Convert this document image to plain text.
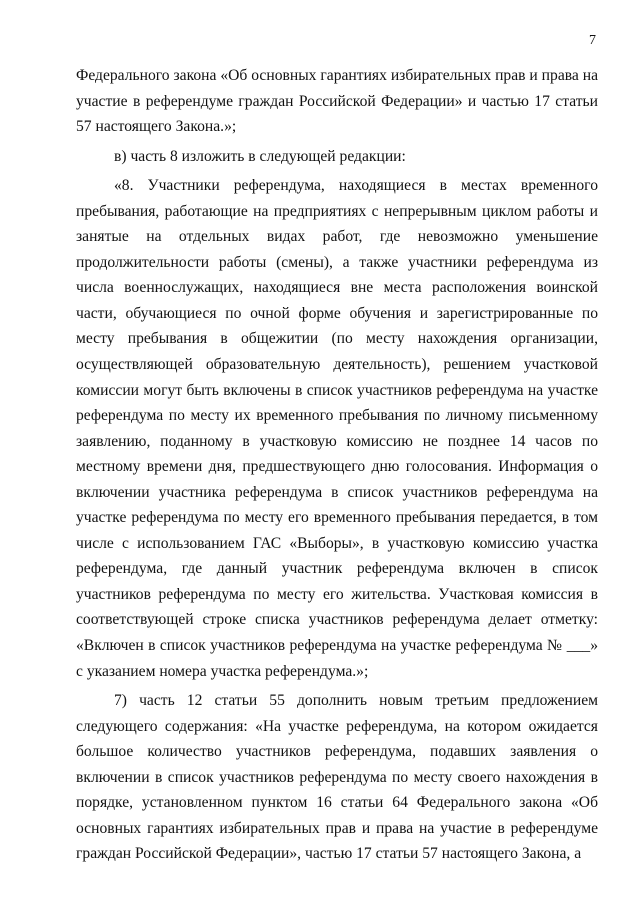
7

Федерального закона «Об основных гарантиях избирательных прав и права на участие в референдуме граждан Российской Федерации» и частью 17 статьи 57 настоящего Закона.»;

в) часть 8 изложить в следующей редакции:

«8. Участники референдума, находящиеся в местах временного пребывания, работающие на предприятиях с непрерывным циклом работы и занятые на отдельных видах работ, где невозможно уменьшение продолжительности работы (смены), а также участники референдума из числа военнослужащих, находящиеся вне места расположения воинской части, обучающиеся по очной форме обучения и зарегистрированные по месту пребывания в общежитии (по месту нахождения организации, осуществляющей образовательную деятельность), решением участковой комиссии могут быть включены в список участников референдума на участке референдума по месту их временного пребывания по личному письменному заявлению, поданному в участковую комиссию не позднее 14 часов по местному времени дня, предшествующего дню голосования. Информация о включении участника референдума в список участников референдума на участке референдума по месту его временного пребывания передается, в том числе с использованием ГАС «Выборы», в участковую комиссию участка референдума, где данный участник референдума включен в список участников референдума по месту его жительства. Участковая комиссия в соответствующей строке списка участников референдума делает отметку: «Включен в список участников референдума на участке референдума № ___» с указанием номера участка референдума.»;

7) часть 12 статьи 55 дополнить новым третьим предложением следующего содержания: «На участке референдума, на котором ожидается большое количество участников референдума, подавших заявления о включении в список участников референдума по месту своего нахождения в порядке, установленном пунктом 16 статьи 64 Федерального закона «Об основных гарантиях избирательных прав и права на участие в референдуме граждан Российской Федерации», частью 17 статьи 57 настоящего Закона, а
